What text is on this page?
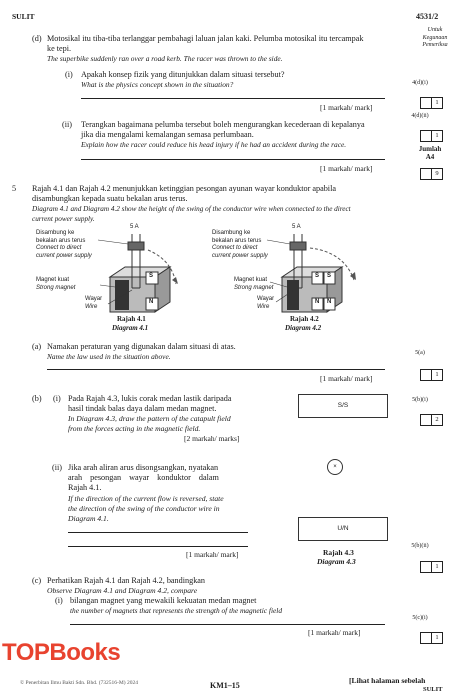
SULIT	4531/2
Untuk
Kegunaan
Pemeriksa
(d) Motosikal itu tiba-tiba terlanggar pembahagi laluan jalan kaki. Pelumba motosikal itu tercampak
ke tepi.
The superbike suddenly ran over a road kerb. The racer was thrown to the side.
(i) Apakah konsep fizik yang ditunjukkan dalam situasi tersebut?
What is the physics concept shown in the situation?
[1 markah/ mark]
(ii) Terangkan bagaimana pelumba tersebut boleh mengurangkan kecederaan di kepalanya
jika dia mengalami kemalangan semasa perlumbaan.
Explain how the racer could reduce his head injury if he had an accident during the race.
[1 markah/ mark]
5 Rajah 4.1 dan Rajah 4.2 menunjukkan ketinggian pesongan ayunan wayar konduktor apabila
disambungkan kepada suatu bekalan arus terus.
Diagram 4.1 and Diagram 4.2 show the height of the swing of the conductor wire when connected to the direct
current power supply.
5 A
Disambung ke
bekalan arus terus
Connect to direct
current power supply
Magnet kuat
Strong magnet
Wayar
Wire
S
N
Rajah 4.1
Diagram 4.1
5 A
Disambung ke
bekalan arus terus
Connect to direct
current power supply
Magnet kuat
Strong magnet
Wayar
Wire
S S
N N
Rajah 4.2
Diagram 4.2
(a) Namakan peraturan yang digunakan dalam situasi di atas.
Name the law used in the situation above.
[1 markah/ mark]
(b) (i) Pada Rajah 4.3, lukis corak medan lastik daripada
hasil tindak balas daya dalam medan magnet.
In Diagram 4.3, draw the pattern of the catapult field
from the forces acting in the magnetic field.
[2 markah/ marks]
(ii) Jika arah aliran arus disongsangkan, nyatakan
arah pesongan wayar konduktor dalam
Rajah 4.1.
If the direction of the current flow is reversed, state
the direction of the swing of the conductor wire in
Diagram 4.1.
[1 markah/ mark]
S/S
×
U/N
Rajah 4.3
Diagram 4.3
(c) Perhatikan Rajah 4.1 dan Rajah 4.2, bandingkan
Observe Diagram 4.1 and Diagram 4.2, compare
(i) bilangan magnet yang mewakili kekuatan medan magnet
the number of magnets that represents the strength of the magnetic field
[1 markah/ mark]
4(d)(i)
1
4(d)(ii)
1
Jumlah
A4
9
5(a)
1
5(b)(i)
2
5(b)(ii)
1
5(c)(i)
1
TOPBooks
© Penerbitan Ilmu Bakti Sdn. Bhd. (732516-M) 2024	KM1–15
[Lihat halaman sebelah
SULIT
